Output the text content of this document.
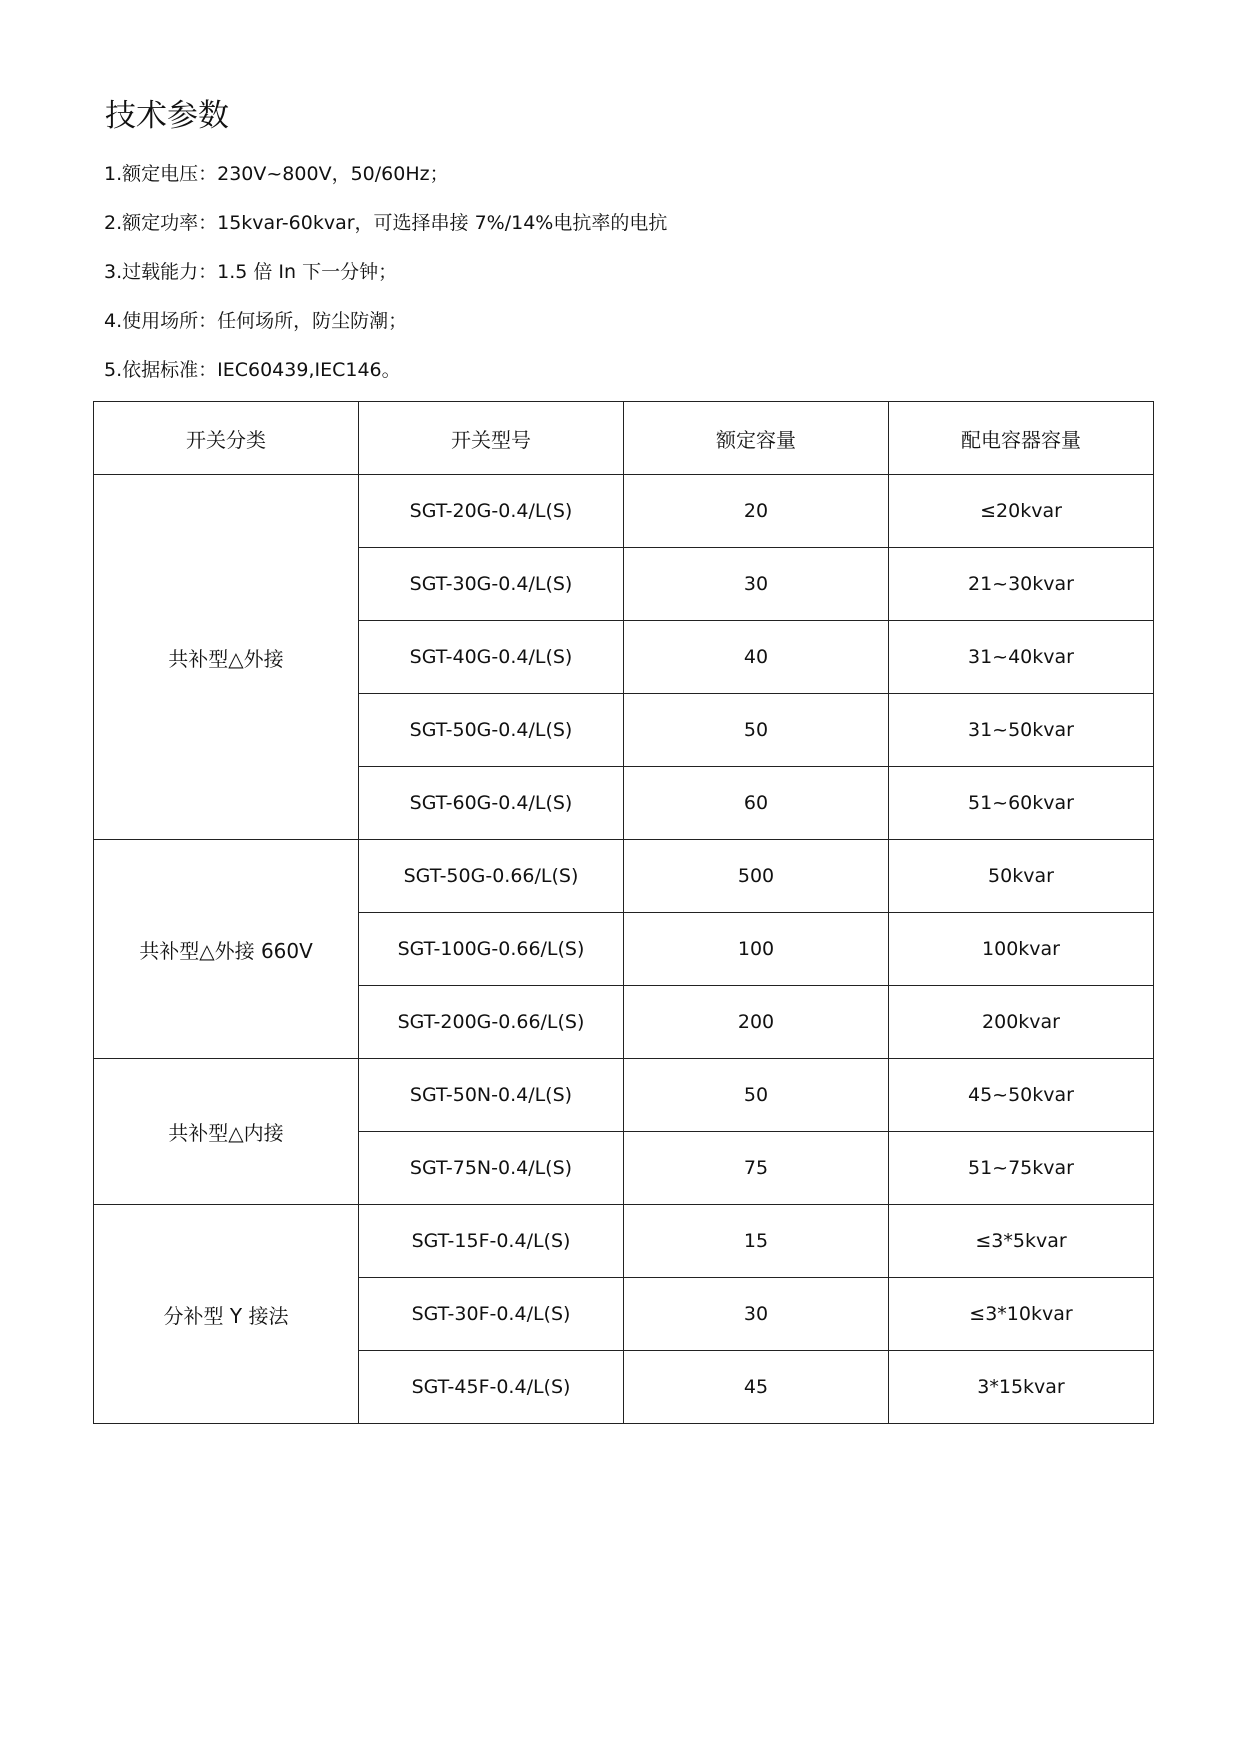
技术参数
1.额定电压：230V~800V，50/60Hz；
2.额定功率：15kvar-60kvar，可选择串接 7%/14%电抗率的电抗
3.过载能力：1.5 倍 In 下一分钟；
4.使用场所：任何场所，防尘防潮；
5.依据标准：IEC60439,IEC146。
开关分类	开关型号	额定容量	配电容器容量
共补型△外接	SGT-20G-0.4/L(S)	20	≤20kvar
	SGT-30G-0.4/L(S)	30	21~30kvar
	SGT-40G-0.4/L(S)	40	31~40kvar
	SGT-50G-0.4/L(S)	50	31~50kvar
	SGT-60G-0.4/L(S)	60	51~60kvar
共补型△外接 660V	SGT-50G-0.66/L(S)	500	50kvar
	SGT-100G-0.66/L(S)	100	100kvar
	SGT-200G-0.66/L(S)	200	200kvar
共补型△内接	SGT-50N-0.4/L(S)	50	45~50kvar
	SGT-75N-0.4/L(S)	75	51~75kvar
分补型 Y 接法	SGT-15F-0.4/L(S)	15	≤3*5kvar
	SGT-30F-0.4/L(S)	30	≤3*10kvar
	SGT-45F-0.4/L(S)	45	3*15kvar
